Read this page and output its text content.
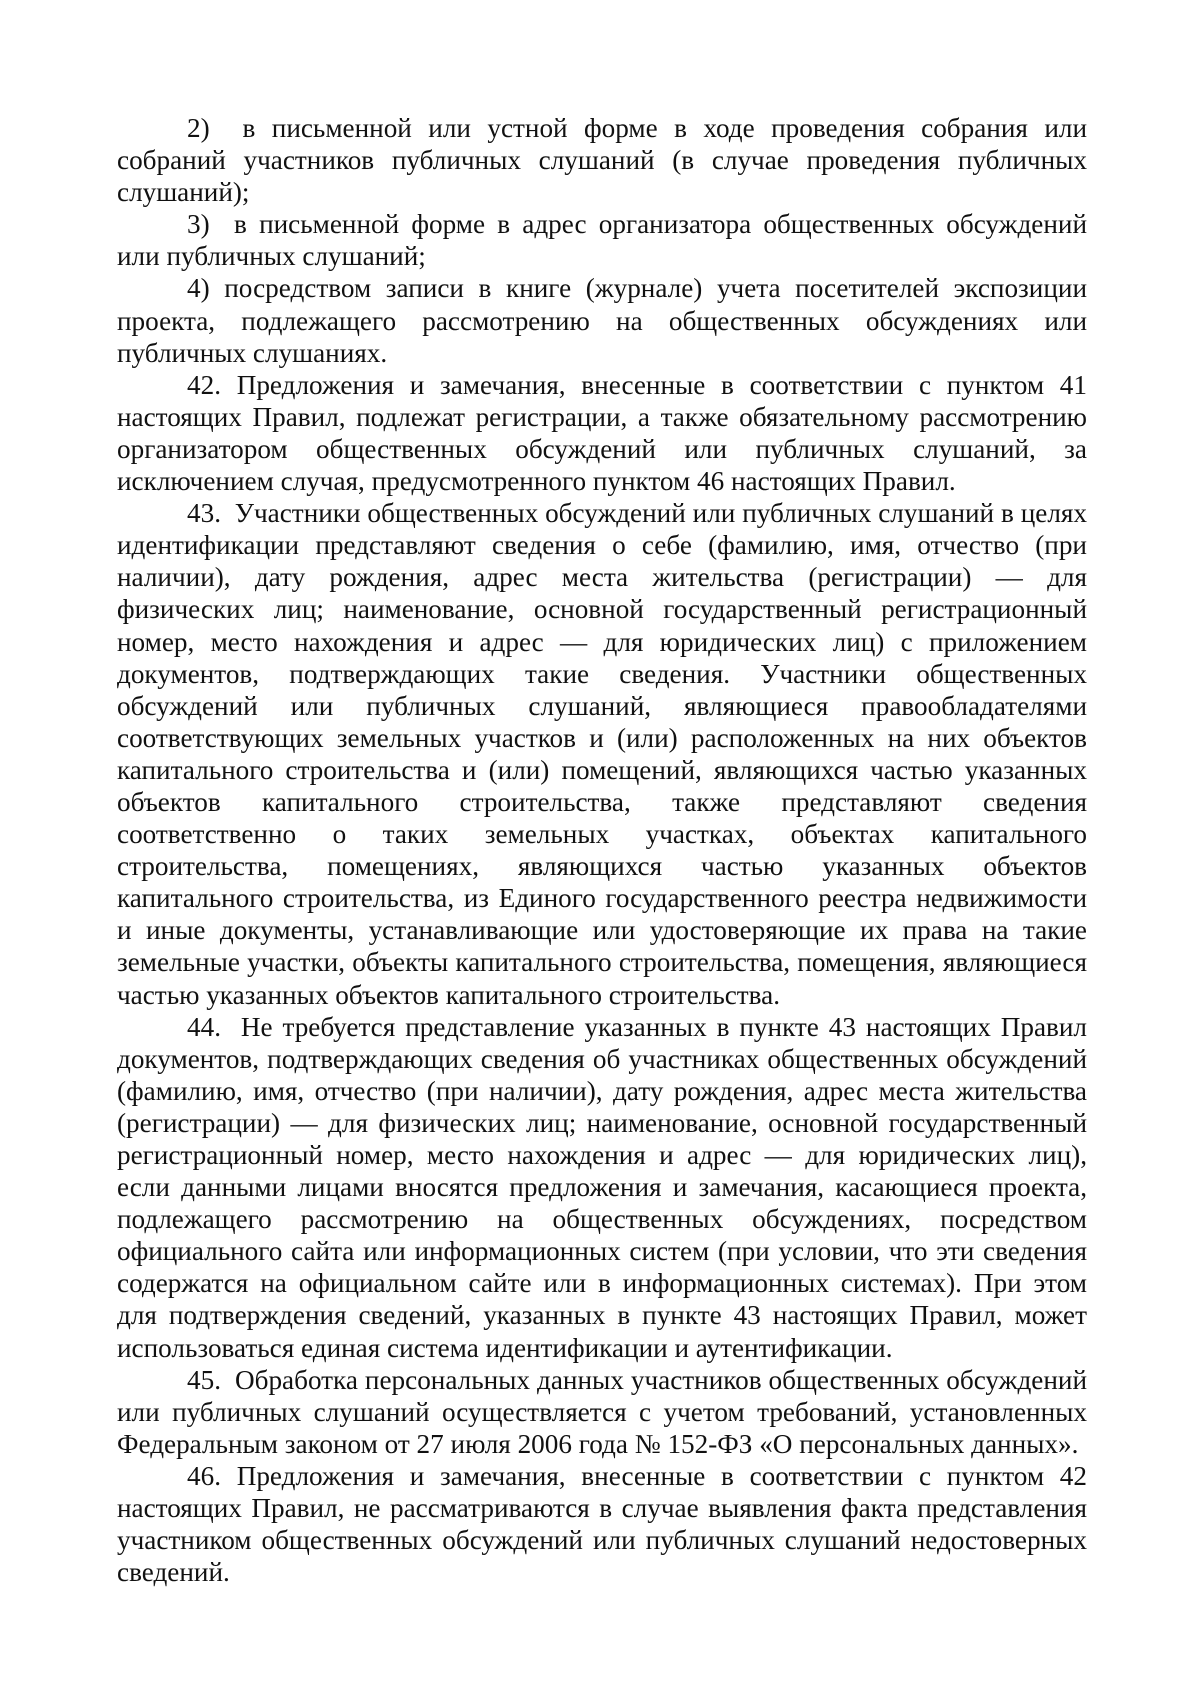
2)  в письменной или устной форме в ходе проведения собрания или собраний участников публичных слушаний (в случае проведения публичных слушаний);

3)  в письменной форме в адрес организатора общественных обсуждений или публичных слушаний;

4) посредством записи в книге (журнале) учета посетителей экспозиции проекта, подлежащего рассмотрению на общественных обсуждениях или публичных слушаниях.

42. Предложения и замечания, внесенные в соответствии с пунктом 41 настоящих Правил, подлежат регистрации, а также обязательному рассмотрению организатором общественных обсуждений или публичных слушаний, за исключением случая, предусмотренного пунктом 46 настоящих Правил.

43.  Участники общественных обсуждений или публичных слушаний в целях идентификации представляют сведения о себе (фамилию, имя, отчество (при наличии), дату рождения, адрес места жительства (регистрации) — для физических лиц; наименование, основной государственный регистрационный номер, место нахождения и адрес — для юридических лиц) с приложением документов, подтверждающих такие сведения. Участники общественных обсуждений или публичных слушаний, являющиеся правообладателями соответствующих земельных участков и (или) расположенных на них объектов капитального строительства и (или) помещений, являющихся частью указанных объектов капитального строительства, также представляют сведения соответственно о таких земельных участках, объектах капитального строительства, помещениях, являющихся частью указанных объектов капитального строительства, из Единого государственного реестра недвижимости и иные документы, устанавливающие или удостоверяющие их права на такие земельные участки, объекты капитального строительства, помещения, являющиеся частью указанных объектов капитального строительства.

44.  Не требуется представление указанных в пункте 43 настоящих Правил документов, подтверждающих сведения об участниках общественных обсуждений (фамилию, имя, отчество (при наличии), дату рождения, адрес места жительства (регистрации) — для физических лиц; наименование, основной государственный регистрационный номер, место нахождения и адрес — для юридических лиц), если данными лицами вносятся предложения и замечания, касающиеся проекта, подлежащего рассмотрению на общественных обсуждениях, посредством официального сайта или информационных систем (при условии, что эти сведения содержатся на официальном сайте или в информационных системах). При этом для подтверждения сведений, указанных в пункте 43 настоящих Правил, может использоваться единая система идентификации и аутентификации.

45.  Обработка персональных данных участников общественных обсуждений или публичных слушаний осуществляется с учетом требований, установленных Федеральным законом от 27 июля 2006 года № 152-ФЗ «О персональных данных».

46. Предложения и замечания, внесенные в соответствии с пунктом 42 настоящих Правил, не рассматриваются в случае выявления факта представления участником общественных обсуждений или публичных слушаний недостоверных сведений.
